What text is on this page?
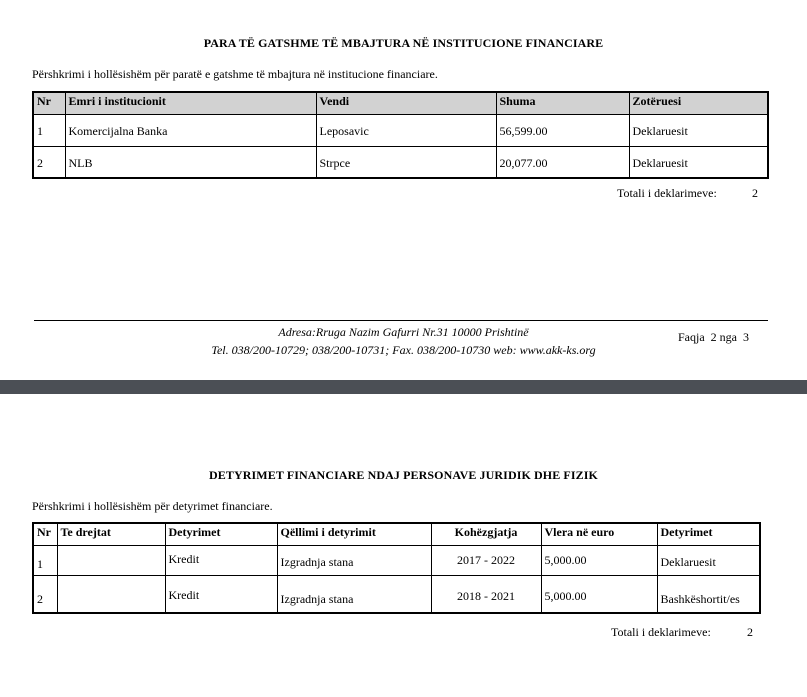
PARA TË GATSHME TË MBAJTURA NË INSTITUCIONE FINANCIARE
Përshkrimi i hollësishëm për paratë e gatshme të mbajtura në institucione financiare.
Nr	Emri i institucionit	Vendi	Shuma	Zotëruesi
1	Komercijalna Banka	Leposavic	56,599.00	Deklaruesit
2	NLB	Strpce	20,077.00	Deklaruesit
Totali i deklarimeve:	2
Adresa:Rruga Nazim Gafurri Nr.31 10000 Prishtinë
Tel. 038/200-10729; 038/200-10731; Fax. 038/200-10730 web: www.akk-ks.org
Faqja 2 nga 3
DETYRIMET FINANCIARE NDAJ PERSONAVE JURIDIK DHE FIZIK
Përshkrimi i hollësishëm për detyrimet financiare.
Nr	Te drejtat	Detyrimet	Qëllimi i detyrimit	Kohëzgjatja	Vlera në euro	Detyrimet
1		Kredit	Izgradnja stana	2017 - 2022	5,000.00	Deklaruesit
2		Kredit	Izgradnja stana	2018 - 2021	5,000.00	Bashkëshortit/es
Totali i deklarimeve:	2
